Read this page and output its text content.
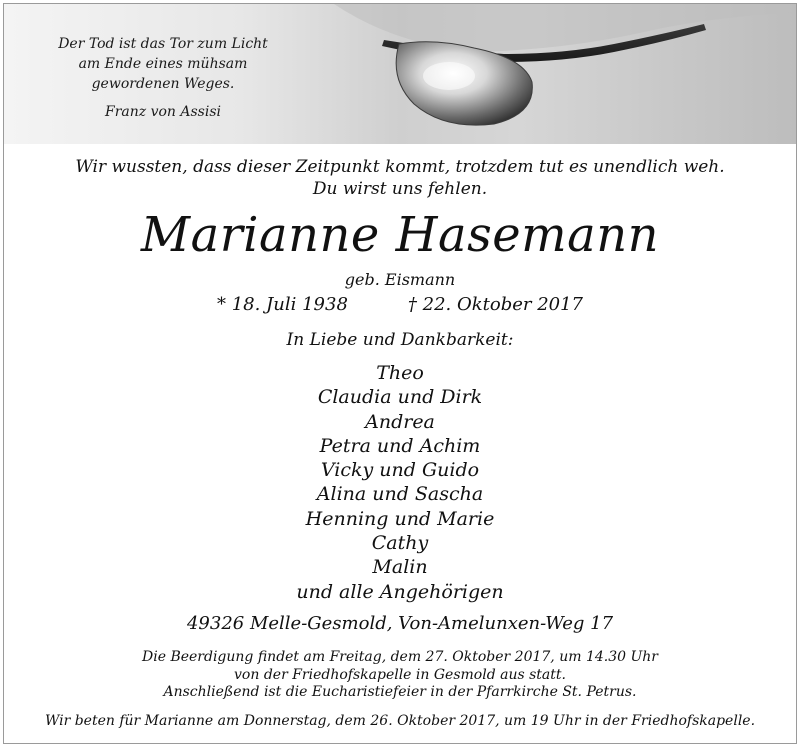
Der Tod ist das Tor zum Licht
am Ende eines mühsam
gewordenen Weges.
Franz von Assisi
Wir wussten, dass dieser Zeitpunkt kommt, trotzdem tut es unendlich weh.
Du wirst uns fehlen.
Marianne Hasemann
geb. Eismann
* 18. Juli 1938	† 22. Oktober 2017
In Liebe und Dankbarkeit:
Theo
Claudia und Dirk
Andrea
Petra und Achim
Vicky und Guido
Alina und Sascha
Henning und Marie
Cathy
Malin
und alle Angehörigen
49326 Melle-Gesmold, Von-Amelunxen-Weg 17
Die Beerdigung findet am Freitag, dem 27. Oktober 2017, um 14.30 Uhr
von der Friedhofskapelle in Gesmold aus statt.
Anschließend ist die Eucharistiefeier in der Pfarrkirche St. Petrus.
Wir beten für Marianne am Donnerstag, dem 26. Oktober 2017, um 19 Uhr in der Friedhofskapelle.
